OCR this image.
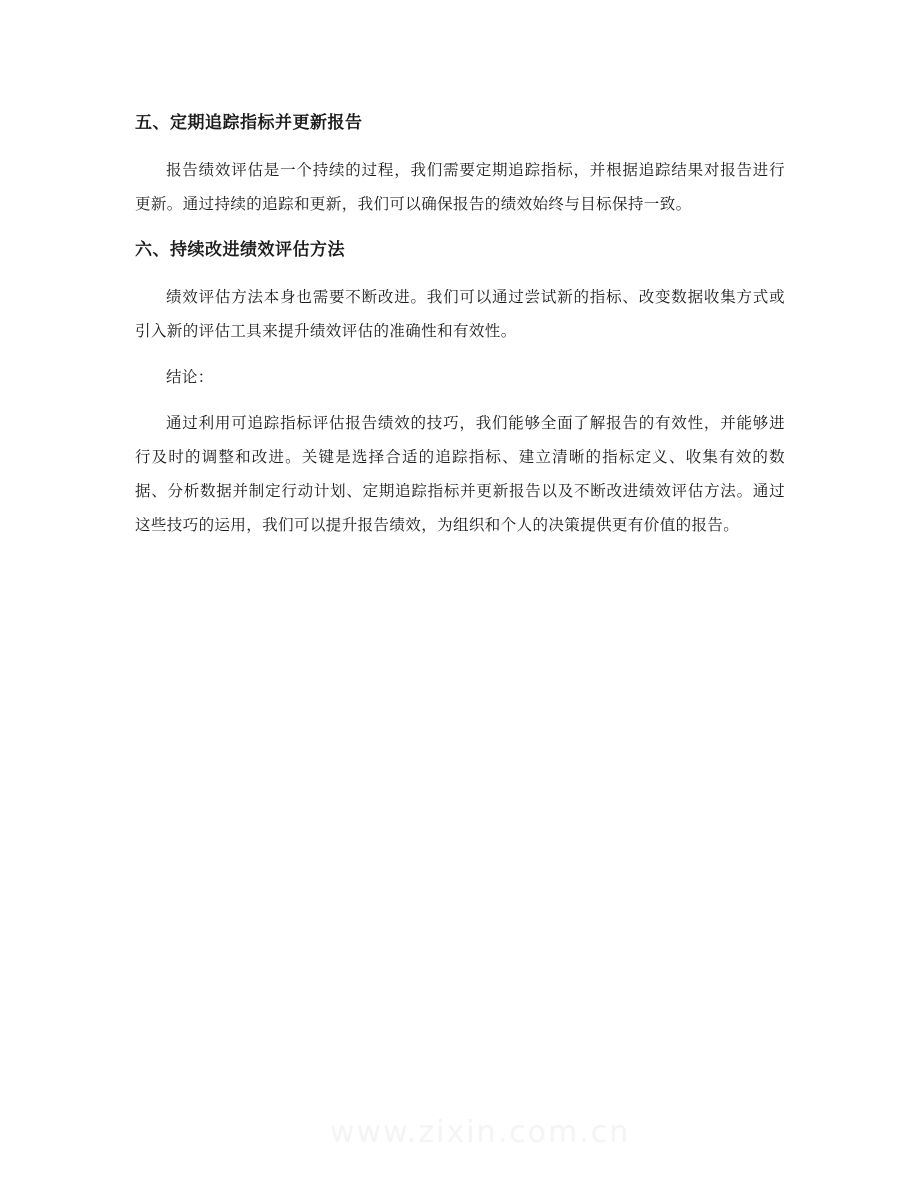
五、定期追踪指标并更新报告

报告绩效评估是一个持续的过程，我们需要定期追踪指标，并根据追踪结果对报告进行更新。通过持续的追踪和更新，我们可以确保报告的绩效始终与目标保持一致。

六、持续改进绩效评估方法

绩效评估方法本身也需要不断改进。我们可以通过尝试新的指标、改变数据收集方式或引入新的评估工具来提升绩效评估的准确性和有效性。

结论：

通过利用可追踪指标评估报告绩效的技巧，我们能够全面了解报告的有效性，并能够进行及时的调整和改进。关键是选择合适的追踪指标、建立清晰的指标定义、收集有效的数据、分析数据并制定行动计划、定期追踪指标并更新报告以及不断改进绩效评估方法。通过这些技巧的运用，我们可以提升报告绩效，为组织和个人的决策提供更有价值的报告。

www.zixin.com.cn
